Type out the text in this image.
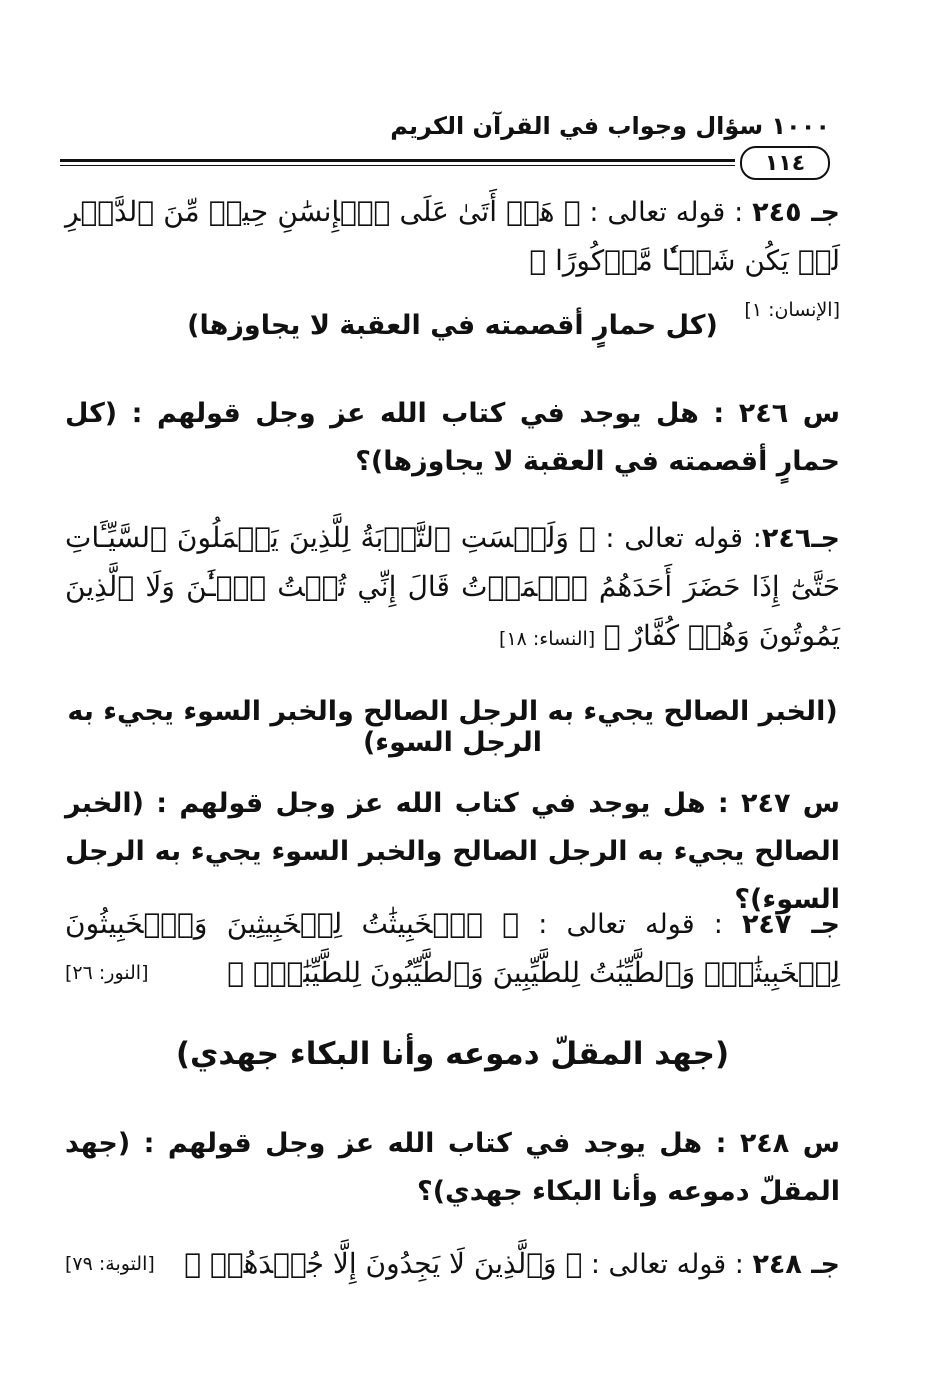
١٠٠٠ سؤال وجواب في القرآن الكريم
١١٤
جـ ٢٤٥ : قوله تعالى : ﴿ هَلۡ أَتَىٰ عَلَى ٱلۡإِنسَٰنِ حِينٞ مِّنَ ٱلدَّهۡرِ لَمۡ يَكُن شَيۡـٔٗا مَّذۡكُورًا ﴾
[الإنسان: ١]
(كل حمارٍ أقصمته في العقبة لا يجاوزها)
س ٢٤٦ : هل يوجد في كتاب الله عز وجل قولهم : (كل حمارٍ أقصمته في العقبة لا يجاوزها)؟
جـ٢٤٦: قوله تعالى : ﴿ وَلَيۡسَتِ ٱلتَّوۡبَةُ لِلَّذِينَ يَعۡمَلُونَ ٱلسَّيِّـَٔاتِ حَتَّىٰٓ إِذَا حَضَرَ أَحَدَهُمُ ٱلۡمَوۡتُ قَالَ إِنِّي تُبۡتُ ٱلۡـَٰٔنَ وَلَا ٱلَّذِينَ يَمُوتُونَ وَهُمۡ كُفَّارٌ ﴾ [النساء: ١٨]
(الخبر الصالح يجيء به الرجل الصالح والخبر السوء يجيء به الرجل السوء)
س ٢٤٧ : هل يوجد في كتاب الله عز وجل قولهم : (الخبر الصالح يجيء به الرجل الصالح والخبر السوء يجيء به الرجل السوء)؟
جـ ٢٤٧ : قوله تعالى : ﴿ ٱلۡخَبِيثَٰتُ لِلۡخَبِيثِينَ وَٱلۡخَبِيثُونَ لِلۡخَبِيثَٰتِۖ وَٱلطَّيِّبَٰتُ لِلطَّيِّبِينَ وَٱلطَّيِّبُونَ لِلطَّيِّبَٰتِۚ ﴾
[النور: ٢٦]
(جهد المقلّ دموعه وأنا البكاء جهدي)
س ٢٤٨ : هل يوجد في كتاب الله عز وجل قولهم : (جهد المقلّ دموعه وأنا البكاء جهدي)؟
[التوبة: ٧٩]	جـ ٢٤٨ : قوله تعالى : ﴿ وَٱلَّذِينَ لَا يَجِدُونَ إِلَّا جُهۡدَهُمۡ ﴾
